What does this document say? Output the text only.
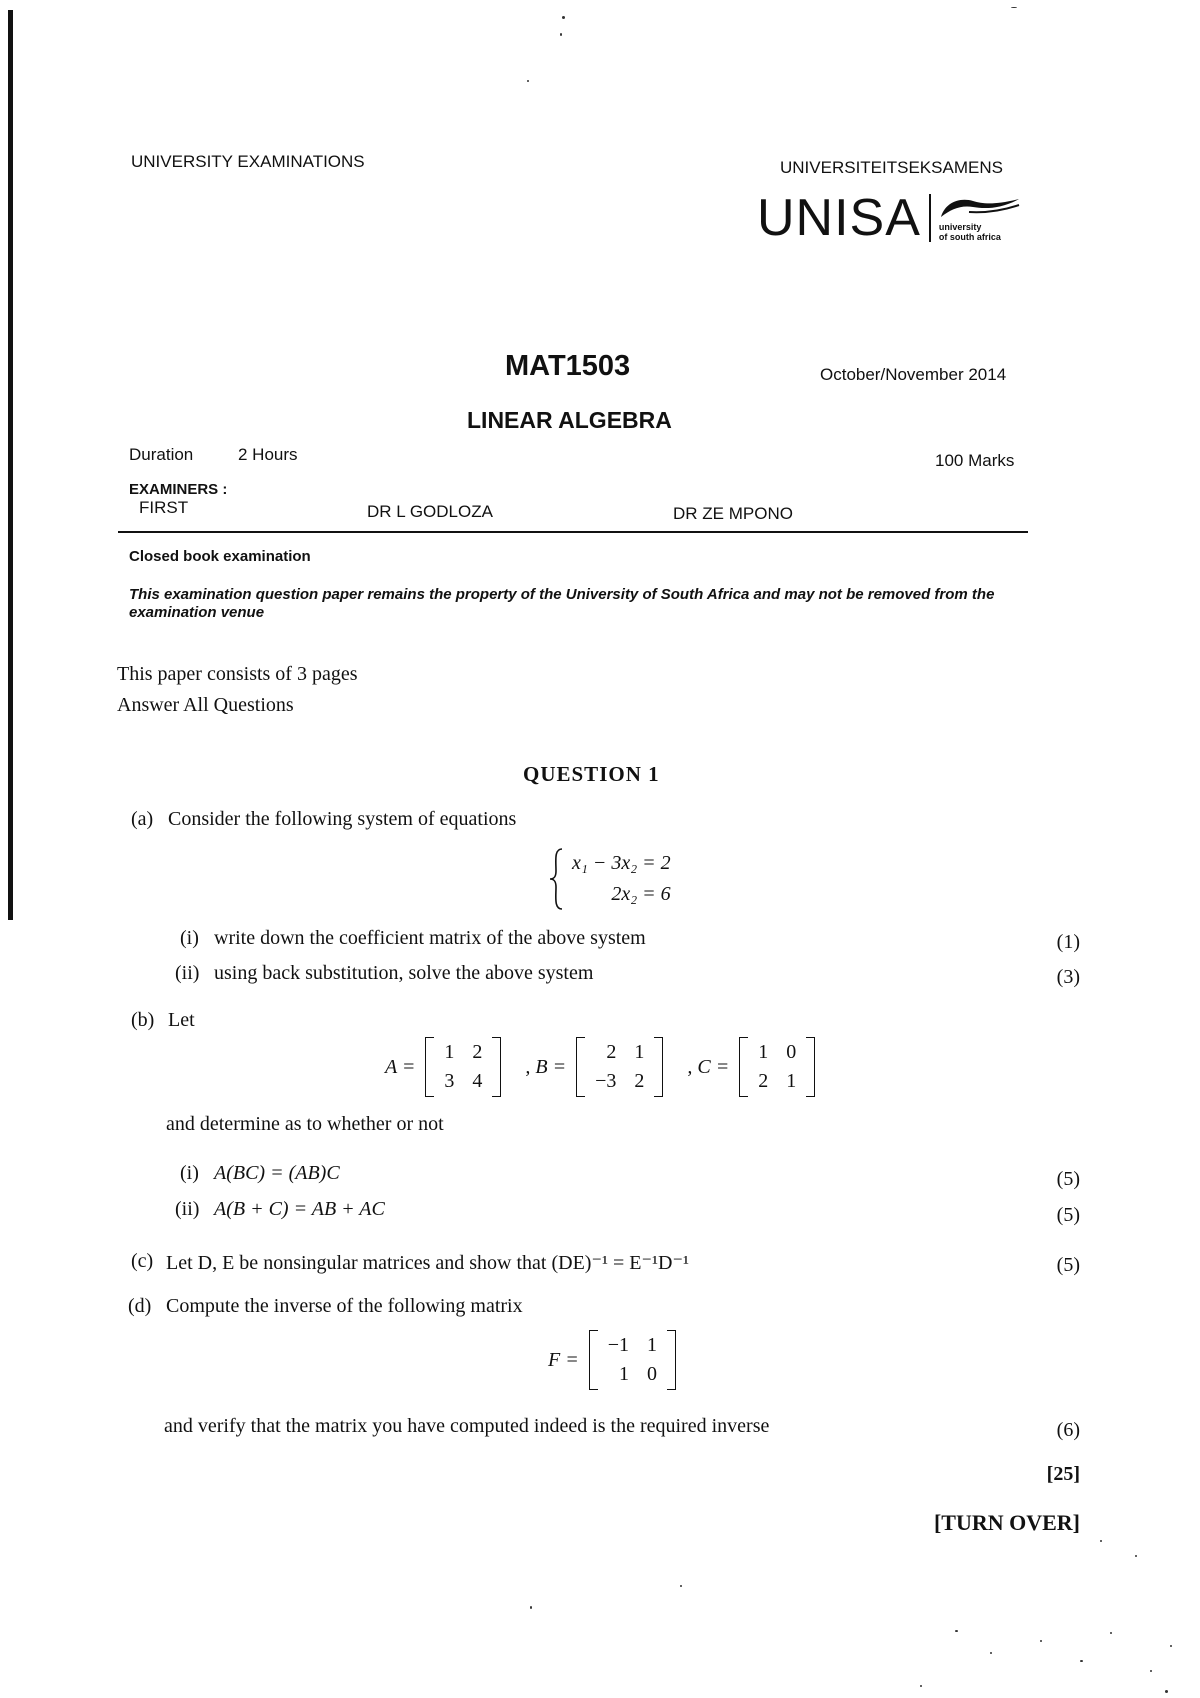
UNIVERSITY EXAMINATIONS	UNIVERSITEITSEKSAMENS
UNISA university
of south africa
MAT1503	October/November 2014
LINEAR ALGEBRA
Duration	2 Hours	100 Marks
EXAMINERS :
FIRST	DR L GODLOZA	DR ZE MPONO
Closed book examination
This examination question paper remains the property of the University of South Africa and may not be removed from the examination venue
This paper consists of 3 pages
Answer All Questions
QUESTION 1
(a) Consider the following system of equations
x₁ − 3x₂ = 2
2x₂ = 6
(i) write down the coefficient matrix of the above system	(1)
(ii) using back substitution, solve the above system	(3)
(b) Let
A =
1 2
3 4
, B =
2 1
−3 2
, C =
1 0
2 1
and determine as to whether or not
(i) A(BC) = (AB)C	(5)
(ii) A(B + C) = AB + AC	(5)
(c) Let D, E be nonsingular matrices and show that (DE)⁻¹ = E⁻¹D⁻¹	(5)
(d) Compute the inverse of the following matrix
F =
−1 1
1 0
and verify that the matrix you have computed indeed is the required inverse	(6)
[25]
[TURN OVER]
